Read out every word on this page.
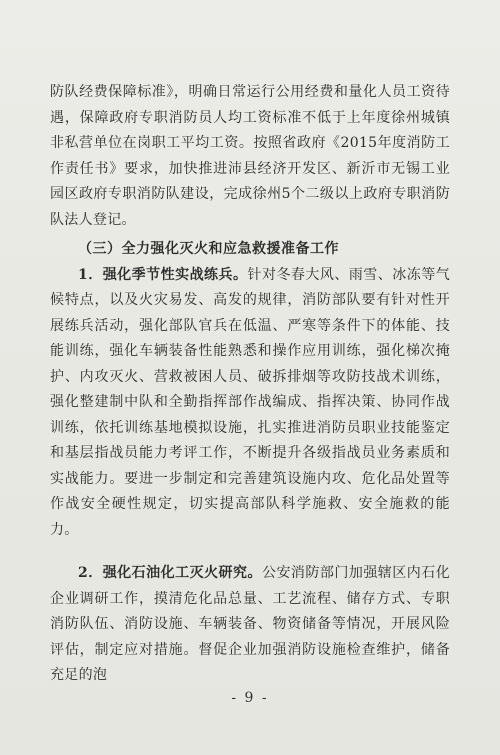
防队经费保障标准》，明确日常运行公用经费和量化人员工资待遇，保障政府专职消防员人均工资标准不低于上年度徐州城镇非私营单位在岗职工平均工资。按照省政府《2015年度消防工作责任书》要求，加快推进沛县经济开发区、新沂市无锡工业园区政府专职消防队建设，完成徐州5个二级以上政府专职消防队法人登记。

（三）全力强化灭火和应急救援准备工作

1．强化季节性实战练兵。针对冬春大风、雨雪、冰冻等气候特点，以及火灾易发、高发的规律，消防部队要有针对性开展练兵活动，强化部队官兵在低温、严寒等条件下的体能、技能训练，强化车辆装备性能熟悉和操作应用训练，强化梯次掩护、内攻灭火、营救被困人员、破拆排烟等攻防技战术训练，强化整建制中队和全勤指挥部作战编成、指挥决策、协同作战训练，依托训练基地模拟设施，扎实推进消防员职业技能鉴定和基层指战员能力考评工作，不断提升各级指战员业务素质和实战能力。要进一步制定和完善建筑设施内攻、危化品处置等作战安全硬性规定，切实提高部队科学施救、安全施救的能力。

2．强化石油化工灭火研究。公安消防部门加强辖区内石化企业调研工作，摸清危化品总量、工艺流程、储存方式、专职消防队伍、消防设施、车辆装备、物资储备等情况，开展风险评估，制定应对措施。督促企业加强消防设施检查维护，储备充足的泡

- 9 -
